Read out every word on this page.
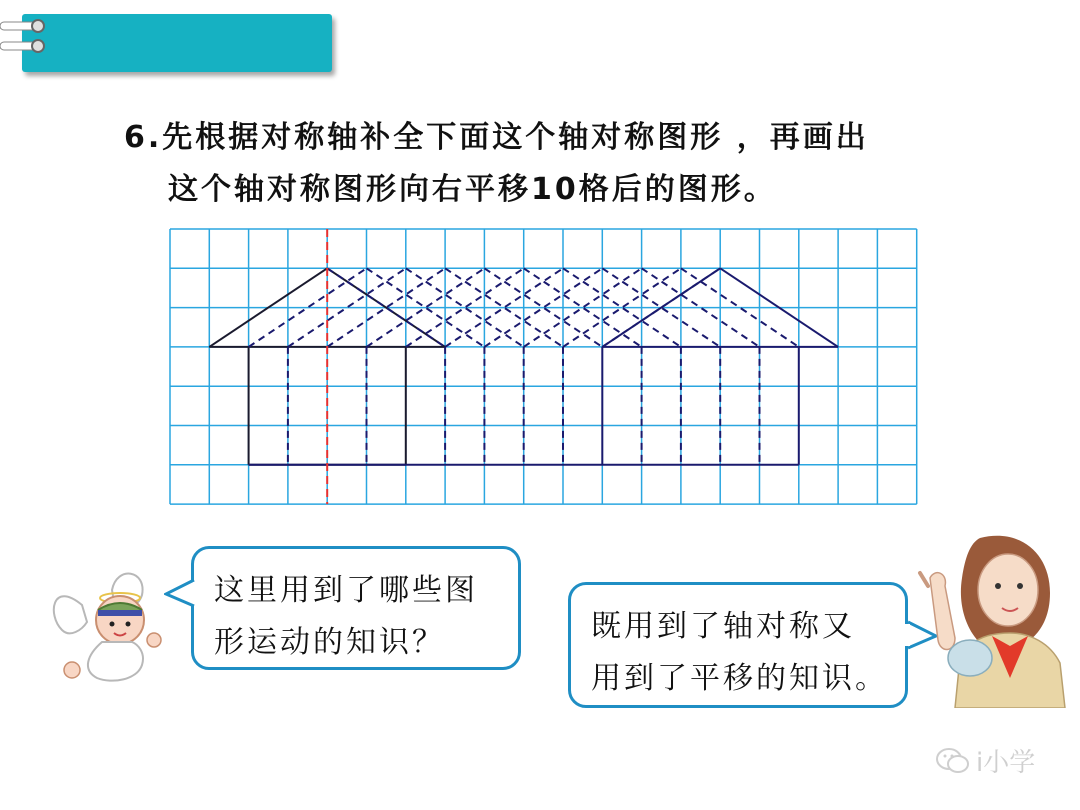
6.先根据对称轴补全下面这个轴对称图形 ，再画出
这个轴对称图形向右平移10格后的图形。
这里用到了哪些图
形运动的知识？	既用到了轴对称又
用到了平移的知识。
i小学
